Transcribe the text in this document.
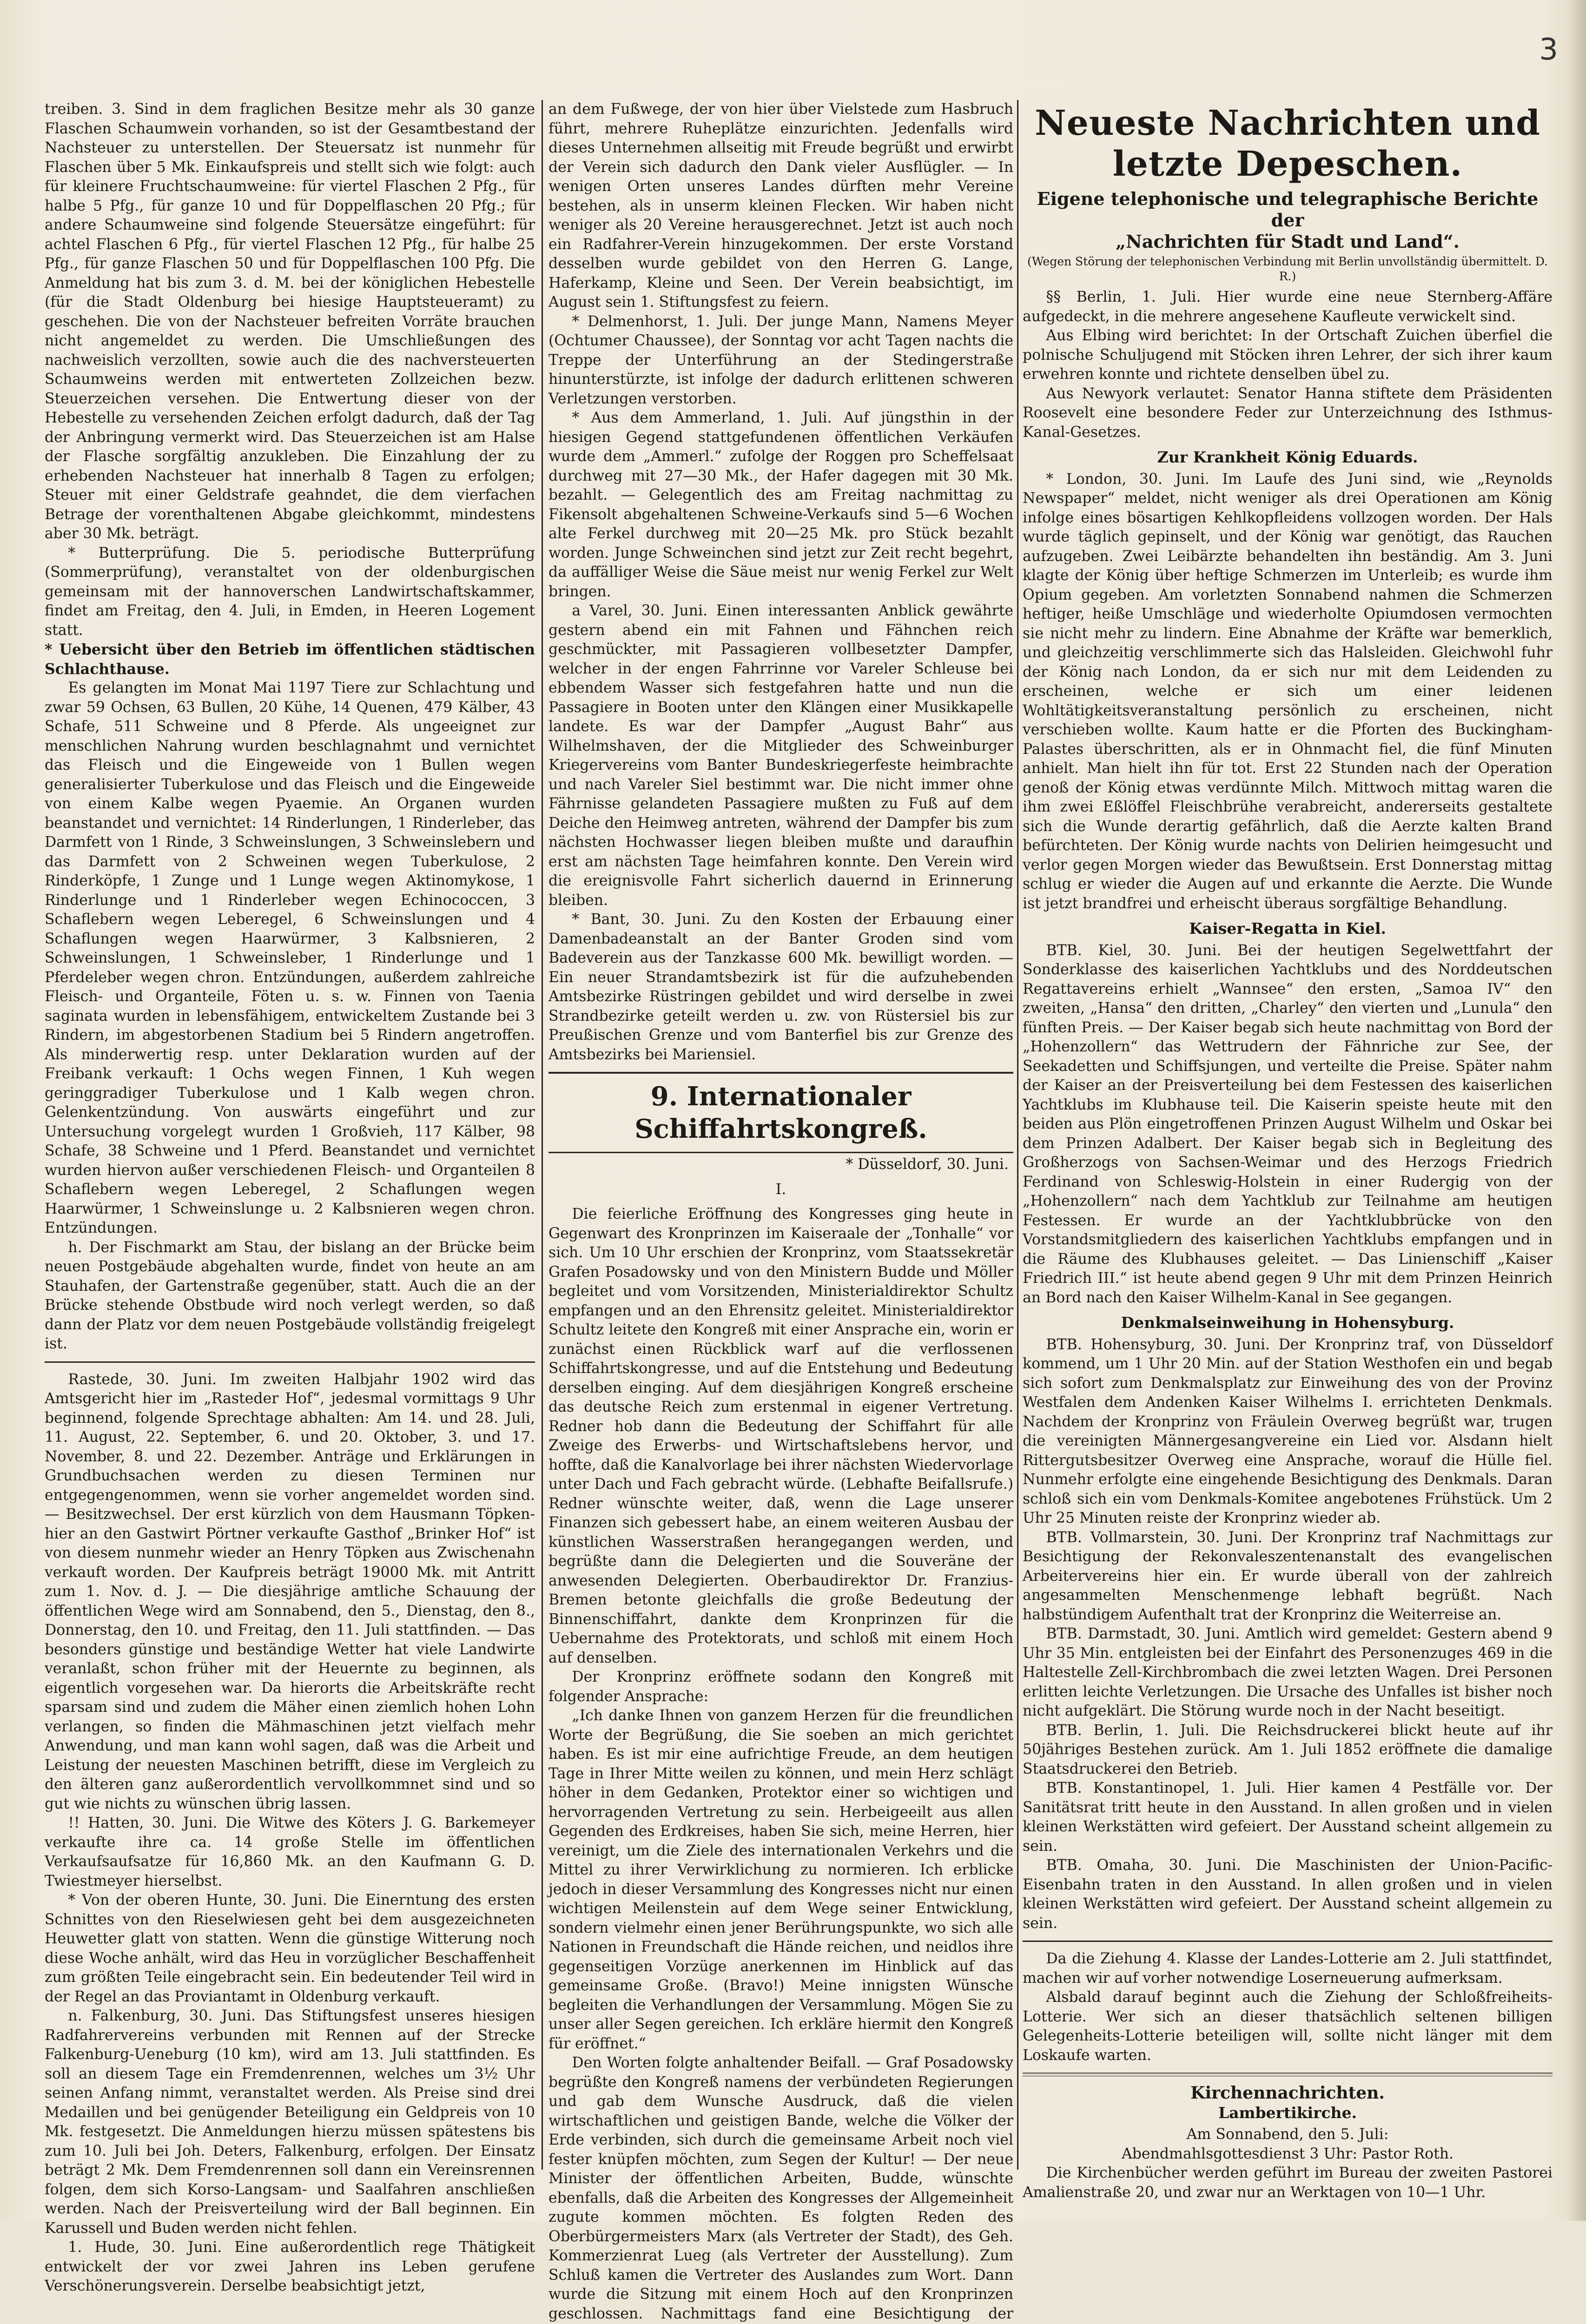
3

treiben. 3. Sind in dem fraglichen Besitze mehr als 30 ganze Flaschen Schaumwein vorhanden, so ist der Gesamtbestand der Nachsteuer zu unterstellen. Der Steuersatz ist nunmehr für Flaschen über 5 Mk. Einkaufspreis und stellt sich wie folgt: auch für kleinere Fruchtschaumweine: für viertel Flaschen 2 Pfg., für halbe 5 Pfg., für ganze 10 und für Doppelflaschen 20 Pfg.; für andere Schaumweine sind folgende Steuersätze eingeführt: für achtel Flaschen 6 Pfg., für viertel Flaschen 12 Pfg., für halbe 25 Pfg., für ganze Flaschen 50 und für Doppelflaschen 100 Pfg. Die Anmeldung hat bis zum 3. d. M. bei der königlichen Hebestelle (für die Stadt Oldenburg bei hiesige Hauptsteueramt) zu geschehen. Die von der Nachsteuer befreiten Vorräte brauchen nicht angemeldet zu werden. Die Umschließungen des nachweislich verzollten, sowie auch die des nachversteuerten Schaumweins werden mit entwerteten Zollzeichen bezw. Steuerzeichen versehen. Die Entwertung dieser von der Hebestelle zu versehenden Zeichen erfolgt dadurch, daß der Tag der Anbringung vermerkt wird. Das Steuerzeichen ist am Halse der Flasche sorgfältig anzukleben. Die Einzahlung der zu erhebenden Nachsteuer hat innerhalb 8 Tagen zu erfolgen; Steuer mit einer Geldstrafe geahndet, die dem vierfachen Betrage der vorenthaltenen Abgabe gleichkommt, mindestens aber 30 Mk. beträgt.

* Butterprüfung. Die 5. periodische Butterprüfung (Sommerprüfung), veranstaltet von der oldenburgischen gemeinsam mit der hannoverschen Landwirtschaftskammer, findet am Freitag, den 4. Juli, in Emden, in Heeren Logement statt.

* Uebersicht über den Betrieb im öffentlichen städtischen Schlachthause.

Es gelangten im Monat Mai 1197 Tiere zur Schlachtung und zwar 59 Ochsen, 63 Bullen, 20 Kühe, 14 Quenen, 479 Kälber, 43 Schafe, 511 Schweine und 8 Pferde. Als ungeeignet zur menschlichen Nahrung wurden beschlagnahmt und vernichtet das Fleisch und die Eingeweide von 1 Bullen wegen generalisierter Tuberkulose und das Fleisch und die Eingeweide von einem Kalbe wegen Pyaemie. An Organen wurden beanstandet und vernichtet: 14 Rinderlungen, 1 Rinderleber, das Darmfett von 1 Rinde, 3 Schweinslungen, 3 Schweinslebern und das Darmfett von 2 Schweinen wegen Tuberkulose, 2 Rinderköpfe, 1 Zunge und 1 Lunge wegen Aktinomykose, 1 Rinderlunge und 1 Rinderleber wegen Echinococcen, 3 Schaflebern wegen Leberegel, 6 Schweinslungen und 4 Schaflungen wegen Haarwürmer, 3 Kalbsnieren, 2 Schweinslungen, 1 Schweinsleber, 1 Rinderlunge und 1 Pferdeleber wegen chron. Entzündungen, außerdem zahlreiche Fleisch- und Organteile, Föten u. s. w. Finnen von Taenia saginata wurden in lebensfähigem, entwickeltem Zustande bei 3 Rindern, im abgestorbenen Stadium bei 5 Rindern angetroffen. Als minderwertig resp. unter Deklaration wurden auf der Freibank verkauft: 1 Ochs wegen Finnen, 1 Kuh wegen geringgradiger Tuberkulose und 1 Kalb wegen chron. Gelenkentzündung. Von auswärts eingeführt und zur Untersuchung vorgelegt wurden 1 Großvieh, 117 Kälber, 98 Schafe, 38 Schweine und 1 Pferd. Beanstandet und vernichtet wurden hiervon außer verschiedenen Fleisch- und Organteilen 8 Schaflebern wegen Leberegel, 2 Schaflungen wegen Haarwürmer, 1 Schweinslunge u. 2 Kalbsnieren wegen chron. Entzündungen.

h. Der Fischmarkt am Stau, der bislang an der Brücke beim neuen Postgebäude abgehalten wurde, findet von heute an am Stauhafen, der Gartenstraße gegenüber, statt. Auch die an der Brücke stehende Obstbude wird noch verlegt werden, so daß dann der Platz vor dem neuen Postgebäude vollständig freigelegt ist.

Rastede, 30. Juni. Im zweiten Halbjahr 1902 wird das Amtsgericht hier im „Rasteder Hof“, jedesmal vormittags 9 Uhr beginnend, folgende Sprechtage abhalten: Am 14. und 28. Juli, 11. August, 22. September, 6. und 20. Oktober, 3. und 17. November, 8. und 22. Dezember. Anträge und Erklärungen in Grundbuchsachen werden zu diesen Terminen nur entgegengenommen, wenn sie vorher angemeldet worden sind. — Besitzwechsel. Der erst kürzlich von dem Hausmann Töpken-hier an den Gastwirt Pörtner verkaufte Gasthof „Brinker Hof“ ist von diesem nunmehr wieder an Henry Töpken aus Zwischenahn verkauft worden. Der Kaufpreis beträgt 19000 Mk. mit Antritt zum 1. Nov. d. J. — Die diesjährige amtliche Schauung der öffentlichen Wege wird am Sonnabend, den 5., Dienstag, den 8., Donnerstag, den 10. und Freitag, den 11. Juli stattfinden. — Das besonders günstige und beständige Wetter hat viele Landwirte veranlaßt, schon früher mit der Heuernte zu beginnen, als eigentlich vorgesehen war. Da hierorts die Arbeitskräfte recht sparsam sind und zudem die Mäher einen ziemlich hohen Lohn verlangen, so finden die Mähmaschinen jetzt vielfach mehr Anwendung, und man kann wohl sagen, daß was die Arbeit und Leistung der neuesten Maschinen betrifft, diese im Vergleich zu den älteren ganz außerordentlich vervollkommnet sind und so gut wie nichts zu wünschen übrig lassen.

!! Hatten, 30. Juni. Die Witwe des Köters J. G. Barkemeyer verkaufte ihre ca. 14 große Stelle im öffentlichen Verkaufsaufsatze für 16,860 Mk. an den Kaufmann G. D. Twiestmeyer hierselbst.

* Von der oberen Hunte, 30. Juni. Die Einerntung des ersten Schnittes von den Rieselwiesen geht bei dem ausgezeichneten Heuwetter glatt von statten. Wenn die günstige Witterung noch diese Woche anhält, wird das Heu in vorzüglicher Beschaffenheit zum größten Teile eingebracht sein. Ein bedeutender Teil wird in der Regel an das Proviantamt in Oldenburg verkauft.

n. Falkenburg, 30. Juni. Das Stiftungsfest unseres hiesigen Radfahrervereins verbunden mit Rennen auf der Strecke Falkenburg-Ueneburg (10 km), wird am 13. Juli stattfinden. Es soll an diesem Tage ein Fremdenrennen, welches um 3½ Uhr seinen Anfang nimmt, veranstaltet werden. Als Preise sind drei Medaillen und bei genügender Beteiligung ein Geldpreis von 10 Mk. festgesetzt. Die Anmeldungen hierzu müssen spätestens bis zum 10. Juli bei Joh. Deters, Falkenburg, erfolgen. Der Einsatz beträgt 2 Mk. Dem Fremdenrennen soll dann ein Vereinsrennen folgen, dem sich Korso-Langsam- und Saalfahren anschließen werden. Nach der Preisverteilung wird der Ball beginnen. Ein Karussell und Buden werden nicht fehlen.

1. Hude, 30. Juni. Eine außerordentlich rege Thätigkeit entwickelt der vor zwei Jahren ins Leben gerufene Verschönerungsverein. Derselbe beabsichtigt jetzt,

an dem Fußwege, der von hier über Vielstede zum Hasbruch führt, mehrere Ruheplätze einzurichten. Jedenfalls wird dieses Unternehmen allseitig mit Freude begrüßt und erwirbt der Verein sich dadurch den Dank vieler Ausflügler. — In wenigen Orten unseres Landes dürften mehr Vereine bestehen, als in unserm kleinen Flecken. Wir haben nicht weniger als 20 Vereine herausgerechnet. Jetzt ist auch noch ein Radfahrer-Verein hinzugekommen. Der erste Vorstand desselben wurde gebildet von den Herren G. Lange, Haferkamp, Kleine und Seen. Der Verein beabsichtigt, im August sein 1. Stiftungsfest zu feiern.

* Delmenhorst, 1. Juli. Der junge Mann, Namens Meyer (Ochtumer Chaussee), der Sonntag vor acht Tagen nachts die Treppe der Unterführung an der Stedingerstraße hinunterstürzte, ist infolge der dadurch erlittenen schweren Verletzungen verstorben.

* Aus dem Ammerland, 1. Juli. Auf jüngsthin in der hiesigen Gegend stattgefundenen öffentlichen Verkäufen wurde dem „Ammerl.“ zufolge der Roggen pro Scheffelsaat durchweg mit 27—30 Mk., der Hafer dagegen mit 30 Mk. bezahlt. — Gelegentlich des am Freitag nachmittag zu Fikensolt abgehaltenen Schweine-Verkaufs sind 5—6 Wochen alte Ferkel durchweg mit 20—25 Mk. pro Stück bezahlt worden. Junge Schweinchen sind jetzt zur Zeit recht begehrt, da auffälliger Weise die Säue meist nur wenig Ferkel zur Welt bringen.

a Varel, 30. Juni. Einen interessanten Anblick gewährte gestern abend ein mit Fahnen und Fähnchen reich geschmückter, mit Passagieren vollbesetzter Dampfer, welcher in der engen Fahrrinne vor Vareler Schleuse bei ebbendem Wasser sich festgefahren hatte und nun die Passagiere in Booten unter den Klängen einer Musikkapelle landete. Es war der Dampfer „August Bahr“ aus Wilhelmshaven, der die Mitglieder des Schweinburger Kriegervereins vom Banter Bundeskriegerfeste heimbrachte und nach Vareler Siel bestimmt war. Die nicht immer ohne Fährnisse gelandeten Passagiere mußten zu Fuß auf dem Deiche den Heimweg antreten, während der Dampfer bis zum nächsten Hochwasser liegen bleiben mußte und daraufhin erst am nächsten Tage heimfahren konnte. Den Verein wird die ereignisvolle Fahrt sicherlich dauernd in Erinnerung bleiben.

* Bant, 30. Juni. Zu den Kosten der Erbauung einer Damenbadeanstalt an der Banter Groden sind vom Badeverein aus der Tanzkasse 600 Mk. bewilligt worden. — Ein neuer Strandamtsbezirk ist für die aufzuhebenden Amtsbezirke Rüstringen gebildet und wird derselbe in zwei Strandbezirke geteilt werden u. zw. von Rüstersiel bis zur Preußischen Grenze und vom Banterfiel bis zur Grenze des Amtsbezirks bei Mariensiel.

9. Internationaler Schiffahrtskongreß.

* Düsseldorf, 30. Juni.

I.

Die feierliche Eröffnung des Kongresses ging heute in Gegenwart des Kronprinzen im Kaiseraale der „Tonhalle“ vor sich. Um 10 Uhr erschien der Kronprinz, vom Staatssekretär Grafen Posadowsky und von den Ministern Budde und Möller begleitet und vom Vorsitzenden, Ministerialdirektor Schultz empfangen und an den Ehrensitz geleitet. Ministerialdirektor Schultz leitete den Kongreß mit einer Ansprache ein, worin er zunächst einen Rückblick warf auf die verflossenen Schiffahrtskongresse, und auf die Entstehung und Bedeutung derselben einging. Auf dem diesjährigen Kongreß erscheine das deutsche Reich zum erstenmal in eigener Vertretung. Redner hob dann die Bedeutung der Schiffahrt für alle Zweige des Erwerbs- und Wirtschaftslebens hervor, und hoffte, daß die Kanalvorlage bei ihrer nächsten Wiedervorlage unter Dach und Fach gebracht würde. (Lebhafte Beifallsrufe.) Redner wünschte weiter, daß, wenn die Lage unserer Finanzen sich gebessert habe, an einem weiteren Ausbau der künstlichen Wasserstraßen herangegangen werden, und begrüßte dann die Delegierten und die Souveräne der anwesenden Delegierten. Oberbaudirektor Dr. Franzius-Bremen betonte gleichfalls die große Bedeutung der Binnenschiffahrt, dankte dem Kronprinzen für die Uebernahme des Protektorats, und schloß mit einem Hoch auf denselben.

Der Kronprinz eröffnete sodann den Kongreß mit folgender Ansprache:

„Ich danke Ihnen von ganzem Herzen für die freundlichen Worte der Begrüßung, die Sie soeben an mich gerichtet haben. Es ist mir eine aufrichtige Freude, an dem heutigen Tage in Ihrer Mitte weilen zu können, und mein Herz schlägt höher in dem Gedanken, Protektor einer so wichtigen und hervorragenden Vertretung zu sein. Herbeigeeilt aus allen Gegenden des Erdkreises, haben Sie sich, meine Herren, hier vereinigt, um die Ziele des internationalen Verkehrs und die Mittel zu ihrer Verwirklichung zu normieren. Ich erblicke jedoch in dieser Versammlung des Kongresses nicht nur einen wichtigen Meilenstein auf dem Wege seiner Entwicklung, sondern vielmehr einen jener Berührungspunkte, wo sich alle Nationen in Freundschaft die Hände reichen, und neidlos ihre gegenseitigen Vorzüge anerkennen im Hinblick auf das gemeinsame Große. (Bravo!) Meine innigsten Wünsche begleiten die Verhandlungen der Versammlung. Mögen Sie zu unser aller Segen gereichen. Ich erkläre hiermit den Kongreß für eröffnet.“

Den Worten folgte anhaltender Beifall. — Graf Posadowsky begrüßte den Kongreß namens der verbündeten Regierungen und gab dem Wunsche Ausdruck, daß die vielen wirtschaftlichen und geistigen Bande, welche die Völker der Erde verbinden, sich durch die gemeinsame Arbeit noch viel fester knüpfen möchten, zum Segen der Kultur! — Der neue Minister der öffentlichen Arbeiten, Budde, wünschte ebenfalls, daß die Arbeiten des Kongresses der Allgemeinheit zugute kommen möchten. Es folgten Reden des Oberbürgermeisters Marx (als Vertreter der Stadt), des Geh. Kommerzienrat Lueg (als Vertreter der Ausstellung). Zum Schluß kamen die Vertreter des Auslandes zum Wort. Dann wurde die Sitzung mit einem Hoch auf den Kronprinzen geschlossen. Nachmittags fand eine Besichtigung der

Neueste Nachrichten und letzte Depeschen.
Eigene telephonische und telegraphische Berichte der
„Nachrichten für Stadt und Land“.
(Wegen Störung der telephonischen Verbindung mit Berlin unvollständig übermittelt. D. R.)

§§ Berlin, 1. Juli. Hier wurde eine neue Sternberg-Affäre aufgedeckt, in die mehrere angesehene Kaufleute verwickelt sind.

Aus Elbing wird berichtet: In der Ortschaft Zuichen überfiel die polnische Schuljugend mit Stöcken ihren Lehrer, der sich ihrer kaum erwehren konnte und richtete denselben übel zu.

Aus Newyork verlautet: Senator Hanna stiftete dem Präsidenten Roosevelt eine besondere Feder zur Unterzeichnung des Isthmus-Kanal-Gesetzes.

Zur Krankheit König Eduards.

* London, 30. Juni. Im Laufe des Juni sind, wie „Reynolds Newspaper“ meldet, nicht weniger als drei Operationen am König infolge eines bösartigen Kehlkopfleidens vollzogen worden. Der Hals wurde täglich gepinselt, und der König war genötigt, das Rauchen aufzugeben. Zwei Leibärzte behandelten ihn beständig. Am 3. Juni klagte der König über heftige Schmerzen im Unterleib; es wurde ihm Opium gegeben. Am vorletzten Sonnabend nahmen die Schmerzen heftiger, heiße Umschläge und wiederholte Opiumdosen vermochten sie nicht mehr zu lindern. Eine Abnahme der Kräfte war bemerklich, und gleichzeitig verschlimmerte sich das Halsleiden. Gleichwohl fuhr der König nach London, da er sich nur mit dem Leidenden zu erscheinen, welche er sich um einer leidenen Wohltätigkeitsveranstaltung persönlich zu erscheinen, nicht verschieben wollte. Kaum hatte er die Pforten des Buckingham-Palastes überschritten, als er in Ohnmacht fiel, die fünf Minuten anhielt. Man hielt ihn für tot. Erst 22 Stunden nach der Operation genoß der König etwas verdünnte Milch. Mittwoch mittag waren die ihm zwei Eßlöffel Fleischbrühe verabreicht, andererseits gestaltete sich die Wunde derartig gefährlich, daß die Aerzte kalten Brand befürchteten. Der König wurde nachts von Delirien heimgesucht und verlor gegen Morgen wieder das Bewußtsein. Erst Donnerstag mittag schlug er wieder die Augen auf und erkannte die Aerzte. Die Wunde ist jetzt brandfrei und erheischt überaus sorgfältige Behandlung.

Kaiser-Regatta in Kiel.

BTB. Kiel, 30. Juni. Bei der heutigen Segelwettfahrt der Sonderklasse des kaiserlichen Yachtklubs und des Norddeutschen Regattavereins erhielt „Wannsee“ den ersten, „Samoa IV“ den zweiten, „Hansa“ den dritten, „Charley“ den vierten und „Lunula“ den fünften Preis. — Der Kaiser begab sich heute nachmittag von Bord der „Hohenzollern“ das Wettrudern der Fähnriche zur See, der Seekadetten und Schiffsjungen, und verteilte die Preise. Später nahm der Kaiser an der Preisverteilung bei dem Festessen des kaiserlichen Yachtklubs im Klubhause teil. Die Kaiserin speiste heute mit den beiden aus Plön eingetroffenen Prinzen August Wilhelm und Oskar bei dem Prinzen Adalbert. Der Kaiser begab sich in Begleitung des Großherzogs von Sachsen-Weimar und des Herzogs Friedrich Ferdinand von Schleswig-Holstein in einer Rudergig von der „Hohenzollern“ nach dem Yachtklub zur Teilnahme am heutigen Festessen. Er wurde an der Yachtklubbrücke von den Vorstandsmitgliedern des kaiserlichen Yachtklubs empfangen und in die Räume des Klubhauses geleitet. — Das Linienschiff „Kaiser Friedrich III.“ ist heute abend gegen 9 Uhr mit dem Prinzen Heinrich an Bord nach den Kaiser Wilhelm-Kanal in See gegangen.

Denkmalseinweihung in Hohensyburg.

BTB. Hohensyburg, 30. Juni. Der Kronprinz traf, von Düsseldorf kommend, um 1 Uhr 20 Min. auf der Station Westhofen ein und begab sich sofort zum Denkmalsplatz zur Einweihung des von der Provinz Westfalen dem Andenken Kaiser Wilhelms I. errichteten Denkmals. Nachdem der Kronprinz von Fräulein Overweg begrüßt war, trugen die vereinigten Männergesangvereine ein Lied vor. Alsdann hielt Rittergutsbesitzer Overweg eine Ansprache, worauf die Hülle fiel. Nunmehr erfolgte eine eingehende Besichtigung des Denkmals. Daran schloß sich ein vom Denkmals-Komitee angebotenes Frühstück. Um 2 Uhr 25 Minuten reiste der Kronprinz wieder ab.

BTB. Vollmarstein, 30. Juni. Der Kronprinz traf Nachmittags zur Besichtigung der Rekonvaleszentenanstalt des evangelischen Arbeitervereins hier ein. Er wurde überall von der zahlreich angesammelten Menschenmenge lebhaft begrüßt. Nach halbstündigem Aufenthalt trat der Kronprinz die Weiterreise an.

BTB. Darmstadt, 30. Juni. Amtlich wird gemeldet: Gestern abend 9 Uhr 35 Min. entgleisten bei der Einfahrt des Personenzuges 469 in die Haltestelle Zell-Kirchbrombach die zwei letzten Wagen. Drei Personen erlitten leichte Verletzungen. Die Ursache des Unfalles ist bisher noch nicht aufgeklärt. Die Störung wurde noch in der Nacht beseitigt.

BTB. Berlin, 1. Juli. Die Reichsdruckerei blickt heute auf ihr 50jähriges Bestehen zurück. Am 1. Juli 1852 eröffnete die damalige Staatsdruckerei den Betrieb.

BTB. Konstantinopel, 1. Juli. Hier kamen 4 Pestfälle vor. Der Sanitätsrat tritt heute in den Ausstand. In allen großen und in vielen kleinen Werkstätten wird gefeiert. Der Ausstand scheint allgemein zu sein.

BTB. Omaha, 30. Juni. Die Maschinisten der Union-Pacific-Eisenbahn traten in den Ausstand. In allen großen und in vielen kleinen Werkstätten wird gefeiert. Der Ausstand scheint allgemein zu sein.

Da die Ziehung 4. Klasse der Landes-Lotterie am 2. Juli stattfindet, machen wir auf vorher notwendige Loserneuerung aufmerksam.

Alsbald darauf beginnt auch die Ziehung der Schloßfreiheits-Lotterie. Wer sich an dieser thatsächlich seltenen billigen Gelegenheits-Lotterie beteiligen will, sollte nicht länger mit dem Loskaufe warten.

Kirchennachrichten.

Lambertikirche.

Am Sonnabend, den 5. Juli:

Abendmahlsgottesdienst 3 Uhr: Pastor Roth.

Die Kirchenbücher werden geführt im Bureau der zweiten Pastorei Amalienstraße 20, und zwar nur an Werktagen von 10—1 Uhr.
